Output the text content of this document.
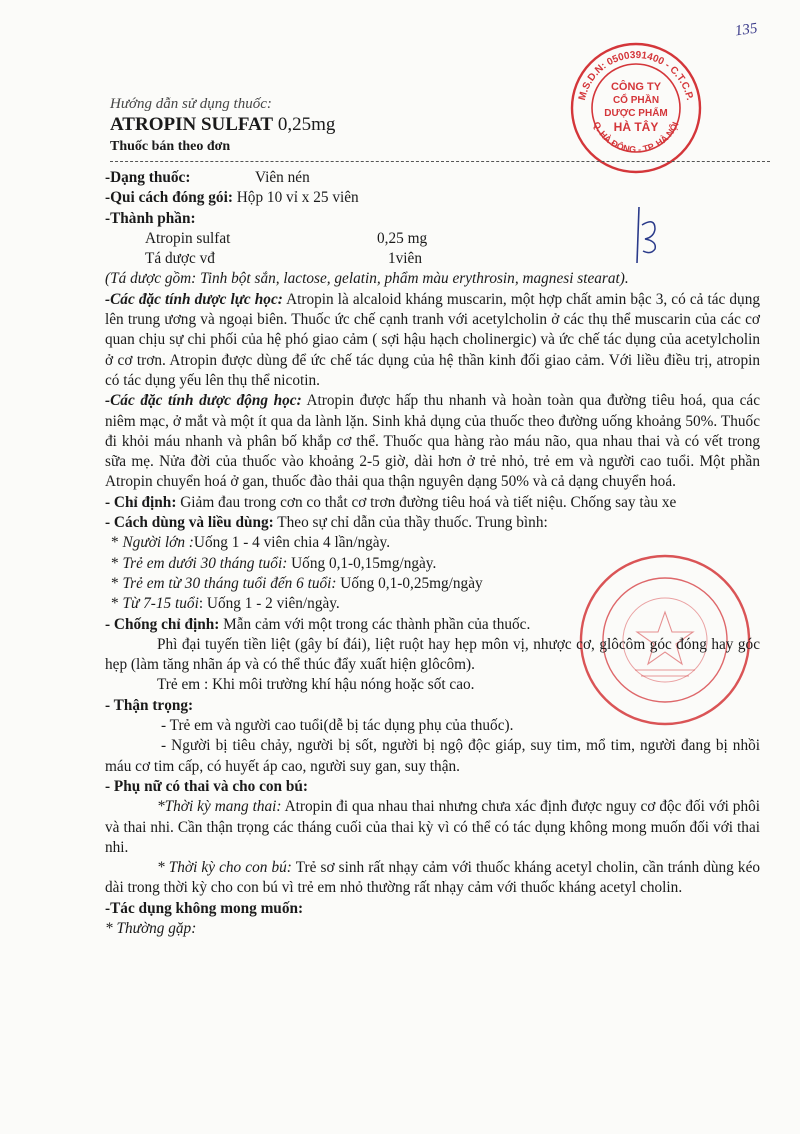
135
M.S.D.N: 0500391400 - C.T.C.P.
Q. HÀ ĐÔNG - TP. HÀ NỘI
CÔNG TY
CỔ PHẦN
DƯỢC PHẨM
HÀ TÂY
Hướng dẫn sử dụng thuốc:
ATROPIN SULFAT 0,25mg
Thuốc bán theo đơn

-Dạng thuốc:	Viên nén

-Qui cách đóng gói: Hộp 10 vỉ x 25 viên

-Thành phần:

Atropin sulfat	0,25 mg

Tá dược vđ	1viên

(Tá dược gồm: Tinh bột sắn, lactose, gelatin, phẩm màu erythrosin, magnesi stearat).

-Các đặc tính dược lực học: Atropin là alcaloid kháng muscarin, một hợp chất amin bậc 3, có cả tác dụng lên trung ương và ngoại biên. Thuốc ức chế cạnh tranh với acetylcholin ở các thụ thể muscarin của các cơ quan chịu sự chi phối của hệ phó giao cảm ( sợi hậu hạch cholinergic) và ức chế tác dụng của acetylcholin ở cơ trơn. Atropin được dùng để ức chế tác dụng của hệ thần kinh đối giao cảm. Với liều điều trị, atropin có tác dụng yếu lên thụ thể nicotin.

-Các đặc tính dược động học: Atropin được hấp thu nhanh và hoàn toàn qua đường tiêu hoá, qua các niêm mạc, ở mắt và một ít qua da lành lặn. Sinh khả dụng của thuốc theo đường uống khoảng 50%. Thuốc đi khỏi máu nhanh và phân bố khắp cơ thể. Thuốc qua hàng rào máu não, qua nhau thai và có vết trong sữa mẹ. Nửa đời của thuốc vào khoảng 2-5 giờ, dài hơn ở trẻ nhỏ, trẻ em và người cao tuổi. Một phần Atropin chuyển hoá ở gan, thuốc đào thải qua thận nguyên dạng 50% và cả dạng chuyển hoá.

- Chỉ định: Giảm đau trong cơn co thắt cơ trơn đường tiêu hoá và tiết niệu. Chống say tàu xe

- Cách dùng và liều dùng: Theo sự chỉ dẫn của thầy thuốc. Trung bình:

* Người lớn :Uống 1 - 4 viên chia 4 lần/ngày.

* Trẻ em dưới 30 tháng tuổi: Uống 0,1-0,15mg/ngày.

* Trẻ em từ 30 tháng tuổi đến 6 tuổi: Uống 0,1-0,25mg/ngày

* Từ 7-15 tuổi: Uống 1 - 2 viên/ngày.

- Chống chỉ định: Mẫn cảm với một trong các thành phần của thuốc.

Phì đại tuyến tiền liệt (gây bí đái), liệt ruột hay hẹp môn vị, nhược cơ, glôcôm góc đóng hay góc hẹp (làm tăng nhãn áp và có thể thúc đẩy xuất hiện glôcôm).

Trẻ em : Khi môi trường khí hậu nóng hoặc sốt cao.

- Thận trọng:

- Trẻ em và người cao tuổi(dễ bị tác dụng phụ của thuốc).

- Người bị tiêu chảy, người bị sốt, người bị ngộ độc giáp, suy tim, mổ tim, người đang bị nhồi máu cơ tim cấp, có huyết áp cao, người suy gan, suy thận.

- Phụ nữ có thai và cho con bú:

*Thời kỳ mang thai: Atropin đi qua nhau thai nhưng chưa xác định được nguy cơ độc đối với phôi và thai nhi. Cần thận trọng các tháng cuối của thai kỳ vì có thể có tác dụng không mong muốn đối với thai nhi.

* Thời kỳ cho con bú: Trẻ sơ sinh rất nhạy cảm với thuốc kháng acetyl cholin, cần tránh dùng kéo dài trong thời kỳ cho con bú vì trẻ em nhỏ thường rất nhạy cảm với thuốc kháng acetyl cholin.

-Tác dụng không mong muốn:

* Thường gặp:
